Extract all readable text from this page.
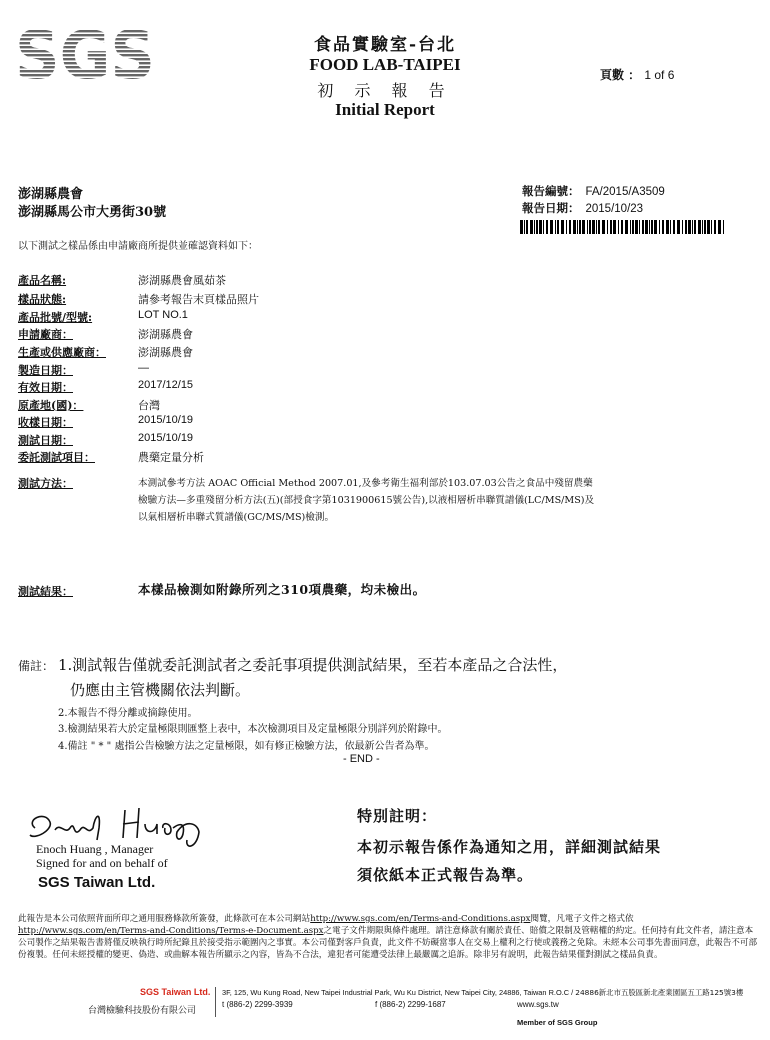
SGS	食品實驗室-台北
FOOD LAB-TAIPEI
初 示 報 告
Initial Report
頁數 ： 1 of 6
澎湖縣農會
澎湖縣馬公市大勇街30號
報告編號： FA/2015/A3509
報告日期： 2015/10/23
以下測試之樣品係由申請廠商所提供並確認資料如下：
產品名稱:	澎湖縣農會風茹茶
樣品狀態:	請參考報告末頁樣品照片
產品批號/型號:	LOT NO.1
申請廠商：	澎湖縣農會
生產或供應廠商：	澎湖縣農會
製造日期：	—
有效日期：	2017/12/15
原產地(國)：	台灣
收樣日期：	2015/10/19
測試日期：	2015/10/19
委託測試項目：	農藥定量分析
測試方法：	本測試參考方法 AOAC Official Method 2007.01,及參考衛生福利部於103.07.03公告之食品中殘留農藥
檢驗方法—多重殘留分析方法(五)(部授食字第1031900615號公告),以液相層析串聯質譜儀(LC/MS/MS)及
以氣相層析串聯式質譜儀(GC/MS/MS)檢測。
測試結果：	本樣品檢測如附錄所列之310項農藥，均未檢出。
備註： 1.測試報告僅就委託測試者之委託事項提供測試結果，至若本產品之合法性，
仍應由主管機關依法判斷。
2.本報告不得分離或摘錄使用。
3.檢測結果若大於定量極限則匯整上表中，本次檢測項目及定量極限分別詳列於附錄中。
4.備註 " * " 處指公告檢驗方法之定量極限，如有修正檢驗方法，依最新公告者為準。
- END -
Enoch Huang , Manager
Signed for and on behalf of
SGS Taiwan Ltd.
特別註明：
本初示報告係作為通知之用，詳細測試結果
須依紙本正式報告為準。
此報告是本公司依照背面所印之通用服務條款所簽發，此條款可在本公司網站http://www.sgs.com/en/Terms-and-Conditions.aspx閱覽，凡電子文件之格式依http://www.sgs.com/en/Terms-and-Conditions/Terms-e-Document.aspx之電子文件期限與條件處理。請注意條款有關於責任、賠償之限制及管轄權的約定。任何持有此文件者，請注意本公司製作之結果報告書將僅反映執行時所紀錄且於接受指示範圍內之事實。本公司僅對客戶負責，此文件不妨礙當事人在交易上權利之行使或義務之免除。未經本公司事先書面同意，此報告不可部份複製。任何未經授權的變更、偽造、或曲解本報告所顯示之內容，皆為不合法，違犯者可能遭受法律上最嚴厲之追訴。除非另有說明，此報告結果僅對測試之樣品負責。
SGS Taiwan Ltd.
台灣檢驗科技股份有限公司
3F, 125, Wu Kung Road, New Taipei Industrial Park, Wu Ku District, New Taipei City, 24886, Taiwan R.O.C / 24886新北市五股區新北產業園區五工路125號3樓
t (886-2) 2299-3939	f (886-2) 2299-1687	www.sgs.tw
Member of SGS Group
